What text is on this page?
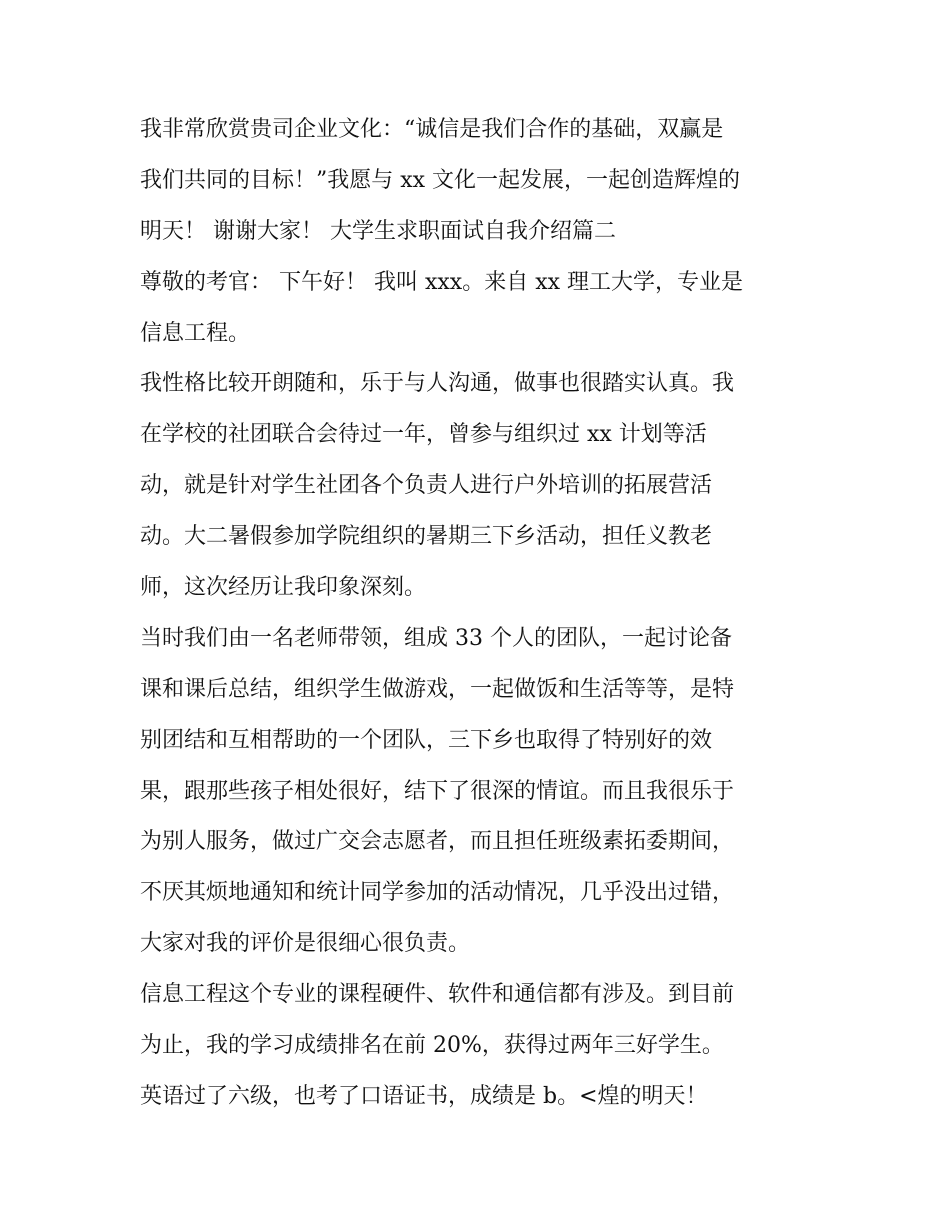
我非常欣赏贵司企业文化：“诚信是我们合作的基础，双赢是
我们共同的目标！”我愿与 xx 文化一起发展，一起创造辉煌的
明天！ 谢谢大家！ 大学生求职面试自我介绍篇二
尊敬的考官： 下午好！ 我叫 xxx。来自 xx 理工大学，专业是
信息工程。
我性格比较开朗随和，乐于与人沟通，做事也很踏实认真。我
在学校的社团联合会待过一年，曾参与组织过 xx 计划等活
动，就是针对学生社团各个负责人进行户外培训的拓展营活
动。大二暑假参加学院组织的暑期三下乡活动，担任义教老
师，这次经历让我印象深刻。
当时我们由一名老师带领，组成 33 个人的团队，一起讨论备
课和课后总结，组织学生做游戏，一起做饭和生活等等，是特
别团结和互相帮助的一个团队，三下乡也取得了特别好的效
果，跟那些孩子相处很好，结下了很深的情谊。而且我很乐于
为别人服务，做过广交会志愿者，而且担任班级素拓委期间，
不厌其烦地通知和统计同学参加的活动情况，几乎没出过错，
大家对我的评价是很细心很负责。
信息工程这个专业的课程硬件、软件和通信都有涉及。到目前
为止，我的学习成绩排名在前 20%，获得过两年三好学生。
英语过了六级，也考了口语证书，成绩是 b。<煌的明天！
